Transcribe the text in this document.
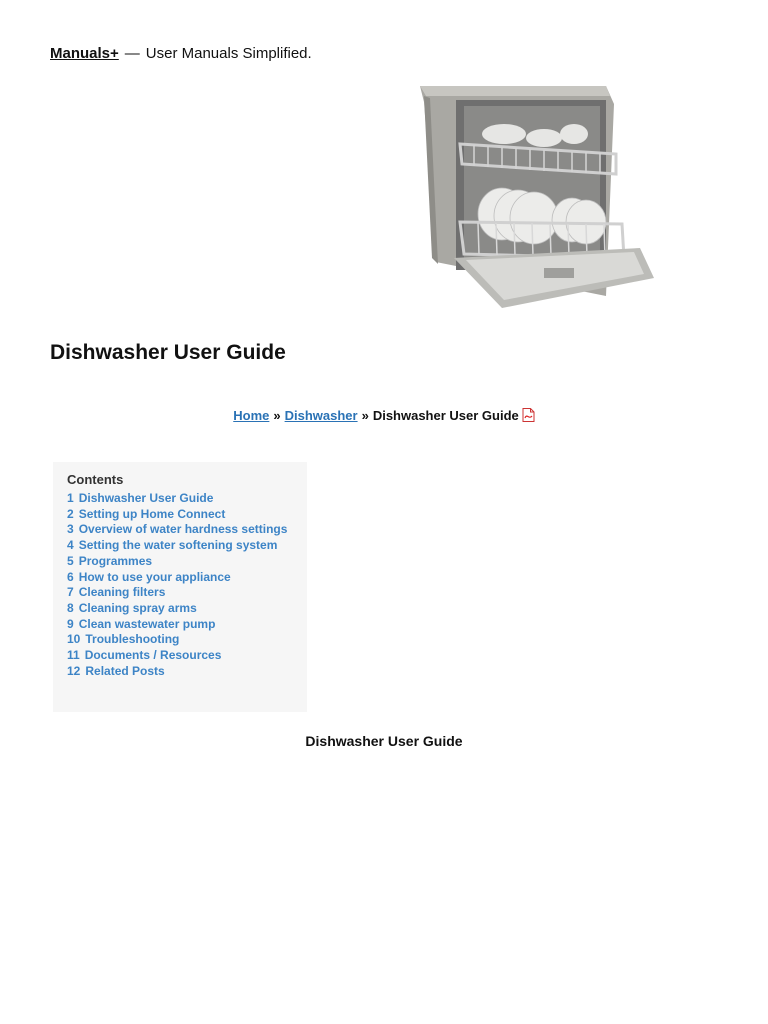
Manuals+ — User Manuals Simplified.
Dishwasher User Guide
Home » Dishwasher » Dishwasher User Guide
Contents
1 Dishwasher User Guide
2 Setting up Home Connect
3 Overview of water hardness settings
4 Setting the water softening system
5 Programmes
6 How to use your appliance
7 Cleaning filters
8 Cleaning spray arms
9 Clean wastewater pump
10 Troubleshooting
11 Documents / Resources
12 Related Posts
Dishwasher User Guide
